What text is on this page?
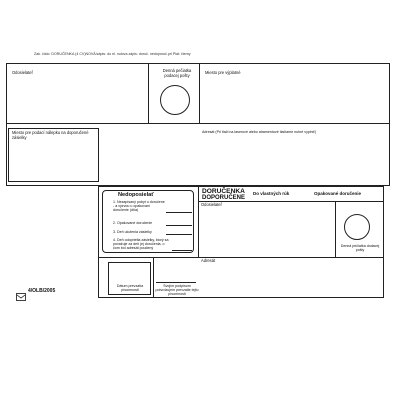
Zak. číslo: DORUČENKA (4 CV)NOVÁ/zápis: do el. nulova zápis: doruč. nedoporuč.pri Plat: čierny
Odosielateľ	Denná pečiatka podacej pošty
Miesto pre výplatné
Miesto pre podací nálepku na doporučené zásielky
Adresát (Pri tlači na laserové alebo atramentové tlačiarne nutné vyplniť)
Nedoposielať
1. Nezapísaný pobyt u doručene - a výzvou u opakovaní doručenie (dňa)
2. Opakované doručenie
3. Deň uloženia zásielky
4. Deň odoprietla zásielky, ktorý sa považuje za deň jej doručenia, o čom bol adresát poučený
DORUČENKA
DOPORUČENE
Do vlastných rúk	Opakované doručenie
Odosielateľ
Denná pečiatka dodacej pošty
Adresát
Dátum prevzatia písomnosti
Svojím podpisom potvrdzujem prevzatie tejto písomnosti
4/OLB/2005
